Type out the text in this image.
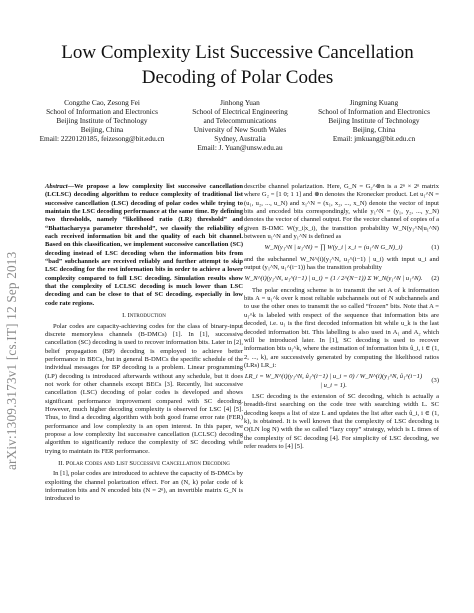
arXiv:1309.3173v1 [cs.IT] 12 Sep 2013
Low Complexity List Successive Cancellation Decoding of Polar Codes
Congzhe Cao, Zesong Fei
School of Information and Electronics
Beijing Institute of Technology
Beijing, China
Email: 2220120185, feizesong@bit.edu.cn
Jinhong Yuan
School of Electrical Engineering
and Telecommunications
University of New South Wales
Sydney, Australia
Email: J. Yuan@unsw.edu.au
Jingming Kuang
School of Information and Electronics
Beijing Institute of Technology
Beijing, China
Email: jmkuang@bit.edu.cn

Abstract—We propose a low complexity list successive cancellation (LCLSC) decoding algorithm to reduce complexity of traditional list successive cancellation (LSC) decoding of polar codes while trying to maintain the LSC decoding performance at the same time. By defining two thresholds, namely “likelihood ratio (LR) threshold” and “Bhattacharyya parameter threshold”, we classify the reliability of each received information bit and the quality of each bit channel. Based on this classification, we implement successive cancellation (SC) decoding instead of LSC decoding when the information bits from “bad” subchannels are received reliably and further attempt to skip LSC decoding for the rest information bits in order to achieve a lower complexity compared to full LSC decoding. Simulation results show that the complexity of LCLSC decoding is much lower than LSC decoding and can be close to that of SC decoding, especially in low code rate regions.

I. Introduction

Polar codes are capacity-achieving codes for the class of binary-input discrete memoryless channels (B-DMCs) [1]. In [1], successive cancellation (SC) decoding is used to recover information bits. Later in [2], belief propagation (BP) decoding is employed to achieve better performance in BECs, but in general B-DMCs the specific schedule of the individual messages for BP decoding is a problem. Linear programming (LP) decoding is introduced afterwards without any schedule, but it does not work for other channels except BECs [3]. Recently, list successive cancellation (LSC) decoding of polar codes is developed and shows significant performance improvement compared with SC decoding. However, much higher decoding complexity is observed for LSC [4] [5]. Thus, to find a decoding algorithm with both good frame error rate (FER) performance and low complexity is an open interest. In this paper, we propose a low complexity list successive cancellation (LCLSC) decoding algorithm to significantly reduce the complexity of SC decoding while trying to maintain its FER performance.

II. Polar Codes and List Successive Cancellation Decoding

In [1], polar codes are introduced to achieve the capacity of B-DMCs by exploiting the channel polarization effect. For an (N, k) polar code of k information bits and N encoded bits (N = 2ⁿ), an invertible matrix G_N is introduced to

describe channel polarization. Here, G_N = G₂^⊗n is a 2ⁿ × 2ⁿ matrix where G₂ = [1 0; 1 1] and ⊗n denotes the Kronecker product. Let u₁^N = (u₁, u₂, ..., u_N) and x₁^N = (x₁, x₂, ..., x_N) denote the vector of input bits and encoded bits correspondingly, while y₁^N = (y₁, y₂, ..., y_N) denotes the vector of channel output. For the vector channel of copies of a given B-DMC W(y_i|x_i), the transition probability W_N(y₁^N|u₁^N) between u₁^N and y₁^N is defined as

W_N(y₁^N | u₁^N) = ∏ W(y_i | x_i = (u₁^N G_N)_i)	(1)

and the subchannel W_N^(i)(y₁^N, u₁^(i−1) | u_i) with input u_i and output (y₁^N, u₁^(i−1)) has the transition probability

W_N^(i)(y₁^N, u₁^(i−1) | u_i) = (1 / 2^(N−1)) Σ W_N(y₁^N | u₁^N).	(2)

The polar encoding scheme is to transmit the set A of k information bits A = u₁^k over k most reliable subchannels out of N subchannels and to use the other ones to transmit the so called “frozen” bits. Note that A = u₁^k is labeled with respect of the sequence that information bits are decoded, i.e. u₁ is the first decoded information bit while u_k is the last decoded information bit. This labelling is also used in A₁ and A₂ which will be introduced later. In [1], SC decoding is used to recover information bits u₁^k, where the estimation of information bits û_i, i ∈ (1, 2, ..., k), are successively generated by computing the likelihood ratios (LRs) LR_i:

LR_i = W_N^(i)(y₁^N, û₁^(i−1) | u_i = 0) / W_N^(i)(y₁^N, û₁^(i−1) | u_i = 1).
(3)

LSC decoding is the extension of SC decoding, which is actually a breadth-first searching on the code tree with searching width L. SC decoding keeps a list of size L and updates the list after each û_i, i ∈ (1, k), is obtained. It is well known that the complexity of LSC decoding is O(LN log N) with the so called “lazy copy” strategy, which is L times of the complexity of SC decoding [4]. For simplicity of LSC decoding, we refer readers to [4] [5].
